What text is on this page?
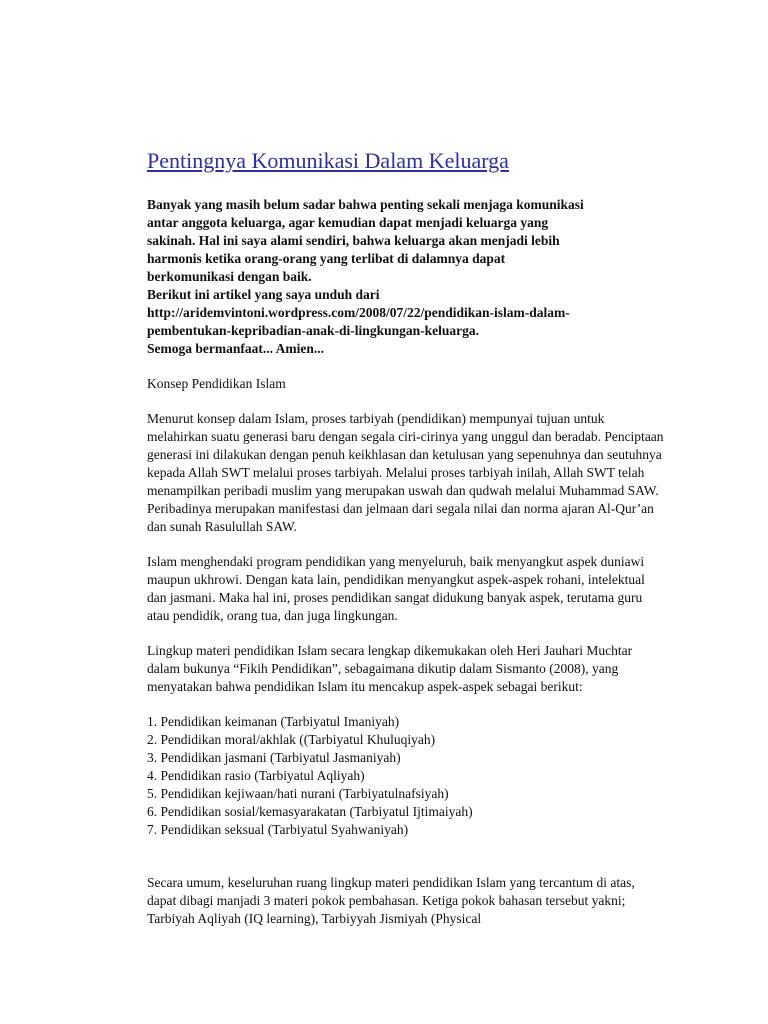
Pentingnya Komunikasi Dalam Keluarga
Banyak yang masih belum sadar bahwa penting sekali menjaga komunikasi
antar anggota keluarga, agar kemudian dapat menjadi keluarga yang
sakinah. Hal ini saya alami sendiri, bahwa keluarga akan menjadi lebih
harmonis ketika orang-orang yang terlibat di dalamnya dapat
berkomunikasi dengan baik.
Berikut ini artikel yang saya unduh dari
http://aridemvintoni.wordpress.com/2008/07/22/pendidikan-islam-dalam-
pembentukan-kepribadian-anak-di-lingkungan-keluarga.
Semoga bermanfaat... Amien...
Konsep Pendidikan Islam

Menurut konsep dalam Islam, proses tarbiyah (pendidikan) mempunyai tujuan untuk melahirkan suatu generasi baru dengan segala ciri-cirinya yang unggul dan beradab. Penciptaan generasi ini dilakukan dengan penuh keikhlasan dan ketulusan yang sepenuhnya dan seutuhnya kepada Allah SWT melalui proses tarbiyah. Melalui proses tarbiyah inilah, Allah SWT telah menampilkan peribadi muslim yang merupakan uswah dan qudwah melalui Muhammad SAW. Peribadinya merupakan manifestasi dan jelmaan dari segala nilai dan norma ajaran Al-Qur’an dan sunah Rasulullah SAW.

Islam menghendaki program pendidikan yang menyeluruh, baik menyangkut aspek duniawi maupun ukhrowi. Dengan kata lain, pendidikan menyangkut aspek-aspek rohani, intelektual dan jasmani. Maka hal ini, proses pendidikan sangat didukung banyak aspek, terutama guru atau pendidik, orang tua, dan juga lingkungan.

Lingkup materi pendidikan Islam secara lengkap dikemukakan oleh Heri Jauhari Muchtar dalam bukunya “Fikih Pendidikan”, sebagaimana dikutip dalam Sismanto (2008), yang menyatakan bahwa pendidikan Islam itu mencakup aspek-aspek sebagai berikut:

1. Pendidikan keimanan (Tarbiyatul Imaniyah)
2. Pendidikan moral/akhlak ((Tarbiyatul Khuluqiyah)
3. Pendidikan jasmani (Tarbiyatul Jasmaniyah)
4. Pendidikan rasio (Tarbiyatul Aqliyah)
5. Pendidikan kejiwaan/hati nurani (Tarbiyatulnafsiyah)
6. Pendidikan sosial/kemasyarakatan (Tarbiyatul Ijtimaiyah)
7. Pendidikan seksual (Tarbiyatul Syahwaniyah)

Secara umum, keseluruhan ruang lingkup materi pendidikan Islam yang tercantum di atas, dapat dibagi manjadi 3 materi pokok pembahasan. Ketiga pokok bahasan tersebut yakni; Tarbiyah Aqliyah (IQ learning), Tarbiyyah Jismiyah (Physical
